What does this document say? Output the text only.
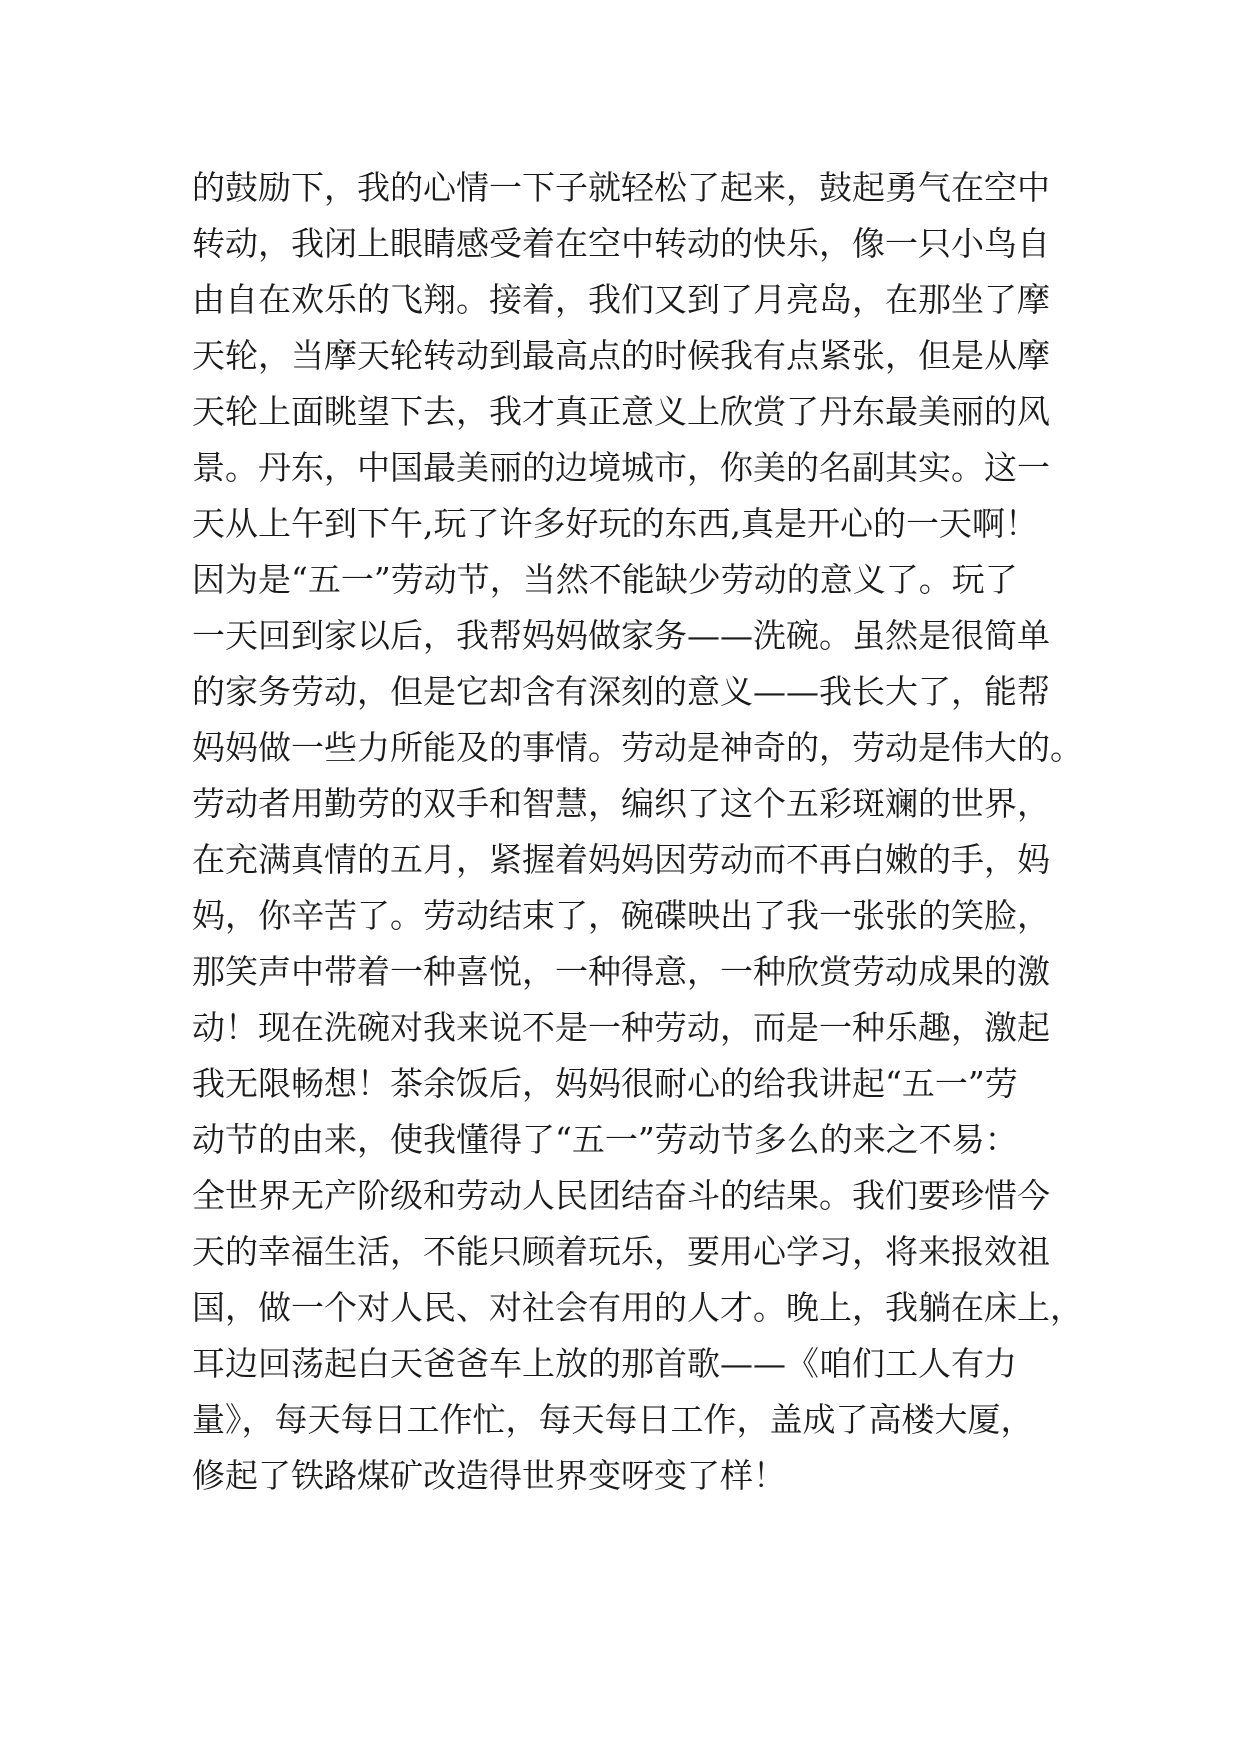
的鼓励下，我的心情一下子就轻松了起来，鼓起勇气在空中
转动，我闭上眼睛感受着在空中转动的快乐，像一只小鸟自
由自在欢乐的飞翔。接着，我们又到了月亮岛，在那坐了摩
天轮，当摩天轮转动到最高点的时候我有点紧张，但是从摩
天轮上面眺望下去，我才真正意义上欣赏了丹东最美丽的风
景。丹东，中国最美丽的边境城市，你美的名副其实。这一
天从上午到下午,玩了许多好玩的东西,真是开心的一天啊！
因为是“五一”劳动节，当然不能缺少劳动的意义了。玩了
一天回到家以后，我帮妈妈做家务——洗碗。虽然是很简单
的家务劳动，但是它却含有深刻的意义——我长大了，能帮
妈妈做一些力所能及的事情。劳动是神奇的，劳动是伟大的。
劳动者用勤劳的双手和智慧，编织了这个五彩斑斓的世界，
在充满真情的五月，紧握着妈妈因劳动而不再白嫩的手，妈
妈，你辛苦了。劳动结束了，碗碟映出了我一张张的笑脸，
那笑声中带着一种喜悦，一种得意，一种欣赏劳动成果的激
动！现在洗碗对我来说不是一种劳动，而是一种乐趣，激起
我无限畅想！茶余饭后，妈妈很耐心的给我讲起“五一”劳
动节的由来，使我懂得了“五一”劳动节多么的来之不易：
全世界无产阶级和劳动人民团结奋斗的结果。我们要珍惜今
天的幸福生活，不能只顾着玩乐，要用心学习，将来报效祖
国，做一个对人民、对社会有用的人才。晚上，我躺在床上，
耳边回荡起白天爸爸车上放的那首歌——《咱们工人有力
量》，每天每日工作忙，每天每日工作，盖成了高楼大厦，
修起了铁路煤矿改造得世界变呀变了样！
